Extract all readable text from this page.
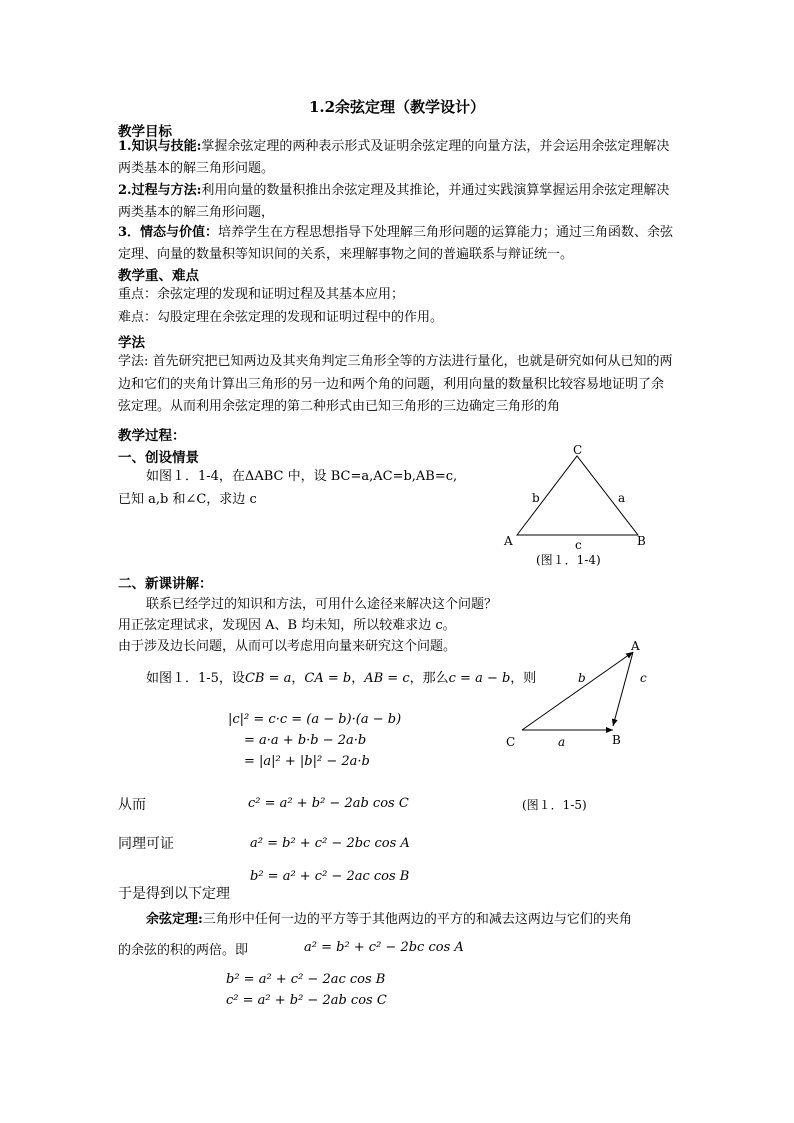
1.2余弦定理（教学设计）
教学目标
1.知识与技能:掌握余弦定理的两种表示形式及证明余弦定理的向量方法，并会运用余弦定理解决两类基本的解三角形问题。
2.过程与方法:利用向量的数量积推出余弦定理及其推论，并通过实践演算掌握运用余弦定理解决两类基本的解三角形问题，
3．情态与价值：培养学生在方程思想指导下处理解三角形问题的运算能力；通过三角函数、余弦定理、向量的数量积等知识间的关系，来理解事物之间的普遍联系与辩证统一。
教学重、难点
重点：余弦定理的发现和证明过程及其基本应用；
难点：勾股定理在余弦定理的发现和证明过程中的作用。
学法
学法: 首先研究把已知两边及其夹角判定三角形全等的方法进行量化，也就是研究如何从已知的两边和它们的夹角计算出三角形的另一边和两个角的问题，利用向量的数量积比较容易地证明了余弦定理。从而利用余弦定理的第二种形式由已知三角形的三边确定三角形的角
教学过程：
一、创设情景
如图１．1-4，在ΔABC 中，设 BC=a,AC=b,AB=c,
已知 a,b 和∠C，求边 c
C
A	B
b	a
c
(图１．1-4)
二、新课讲解：
联系已经学过的知识和方法，可用什么途径来解决这个问题？
用正弦定理试求，发现因 A、B 均未知，所以较难求边 c。
由于涉及边长问题，从而可以考虑用向量来研究这个问题。
如图１．1-5，设CB = a，CA = b，AB = c，那么c = a − b，则
|c|² = c·c = (a − b)·(a − b)
= a·a + b·b − 2a·b
= |a|² + |b|² − 2a·b
A
B
C	a
b	c
从而	c² = a² + b² − 2ab cos C	(图１．1-5)
同理可证	a² = b² + c² − 2bc cos A
b² = a² + c² − 2ac cos B
于是得到以下定理
余弦定理:三角形中任何一边的平方等于其他两边的平方的和减去这两边与它们的夹角
的余弦的积的两倍。即	a² = b² + c² − 2bc cos A
b² = a² + c² − 2ac cos B
c² = a² + b² − 2ab cos C
